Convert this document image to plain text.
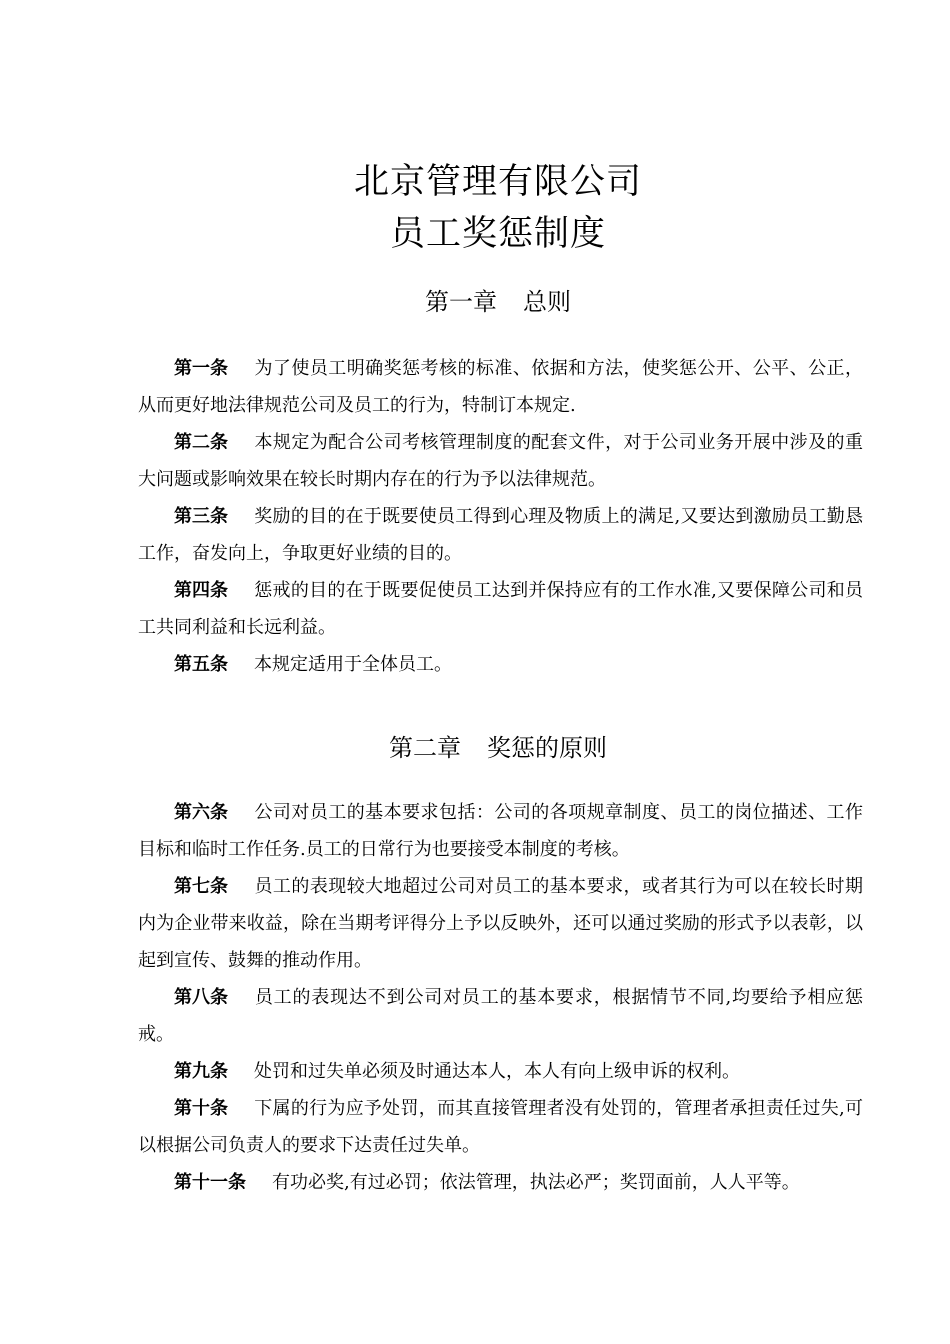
北京管理有限公司
员工奖惩制度
第一章 总则

第一条 为了使员工明确奖惩考核的标准、依据和方法，使奖惩公开、公平、公正，从而更好地法律规范公司及员工的行为，特制订本规定.

第二条 本规定为配合公司考核管理制度的配套文件，对于公司业务开展中涉及的重大问题或影响效果在较长时期内存在的行为予以法律规范。

第三条 奖励的目的在于既要使员工得到心理及物质上的满足,又要达到激励员工勤恳工作，奋发向上，争取更好业绩的目的。

第四条 惩戒的目的在于既要促使员工达到并保持应有的工作水准,又要保障公司和员工共同利益和长远利益。

第五条 本规定适用于全体员工。

第二章 奖惩的原则

第六条 公司对员工的基本要求包括：公司的各项规章制度、员工的岗位描述、工作目标和临时工作任务.员工的日常行为也要接受本制度的考核。

第七条 员工的表现较大地超过公司对员工的基本要求，或者其行为可以在较长时期内为企业带来收益，除在当期考评得分上予以反映外，还可以通过奖励的形式予以表彰，以起到宣传、鼓舞的推动作用。

第八条 员工的表现达不到公司对员工的基本要求，根据情节不同,均要给予相应惩戒。

第九条 处罚和过失单必须及时通达本人，本人有向上级申诉的权利。

第十条 下属的行为应予处罚，而其直接管理者没有处罚的，管理者承担责任过失,可以根据公司负责人的要求下达责任过失单。

第十一条 有功必奖,有过必罚；依法管理，执法必严；奖罚面前，人人平等。
